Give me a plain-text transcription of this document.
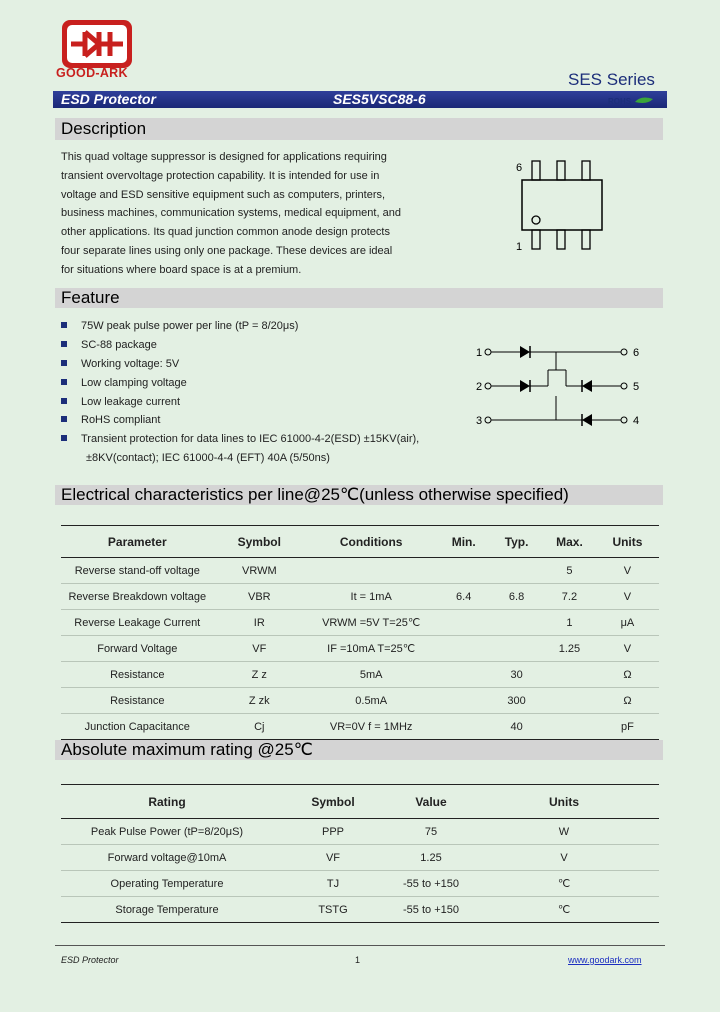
GOOD-ARK	SES Series
ESD Protector	SES5VSC88-6	ROHS
Description
This quad voltage suppressor is designed for applications requiring
transient overvoltage protection capability. It is intended for use in
voltage and ESD sensitive equipment such as computers, printers,
business machines, communication systems, medical equipment, and
other applications. Its quad junction common anode design protects
four separate lines using only one package. These devices are ideal
for situations where board space is at a premium.
6
1
Feature
75W peak pulse power per line (tP = 8/20μs)
SC-88 package
Working voltage: 5V
Low clamping voltage
Low leakage current
RoHS compliant
Transient protection for data lines to IEC 61000-4-2(ESD) ±15KV(air),
±8KV(contact); IEC 61000-4-4 (EFT) 40A (5/50ns)
1
2
3
6
5
4
Electrical characteristics per line@25℃(unless otherwise specified)
Parameter	Symbol	Conditions	Min.	Typ.	Max.	Units
Reverse stand-off voltage	VRWM				5	V
Reverse Breakdown voltage	VBR	It = 1mA	6.4	6.8	7.2	V
Reverse Leakage Current	IR	VRWM =5V T=25℃			1	μA
Forward Voltage	VF	IF =10mA T=25℃			1.25	V
Resistance	Z z	5mA		30		Ω
Resistance	Z zk	0.5mA		300		Ω
Junction Capacitance	Cj	VR=0V f = 1MHz		40		pF
Absolute maximum rating @25℃
Rating	Symbol	Value	Units
Peak Pulse Power (tP=8/20μS)	PPP	75	W
Forward voltage@10mA	VF	1.25	V
Operating Temperature	TJ	-55 to +150	℃
Storage Temperature	TSTG	-55 to +150	℃
ESD Protector	1	www.goodark.com
